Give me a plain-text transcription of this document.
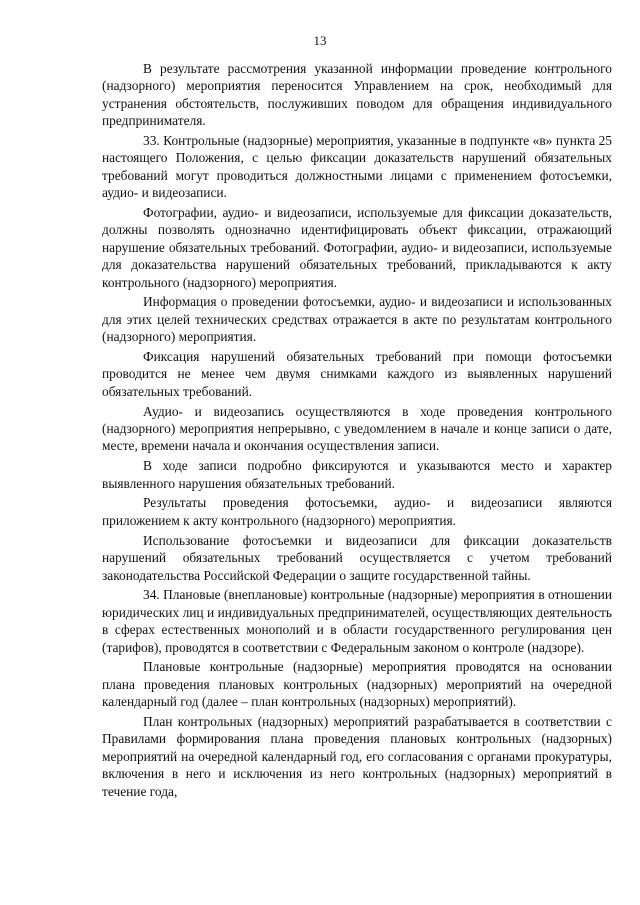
13

В результате рассмотрения указанной информации проведение контрольного (надзорного) мероприятия переносится Управлением на срок, необходимый для устранения обстоятельств, послуживших поводом для обращения индивидуального предпринимателя.

33. Контрольные (надзорные) мероприятия, указанные в подпункте «в» пункта 25 настоящего Положения, с целью фиксации доказательств нарушений обязательных требований могут проводиться должностными лицами с применением фотосъемки, аудио- и видеозаписи.

Фотографии, аудио- и видеозаписи, используемые для фиксации доказательств, должны позволять однозначно идентифицировать объект фиксации, отражающий нарушение обязательных требований. Фотографии, аудио- и видеозаписи, используемые для доказательства нарушений обязательных требований, прикладываются к акту контрольного (надзорного) мероприятия.

Информация о проведении фотосъемки, аудио- и видеозаписи и использованных для этих целей технических средствах отражается в акте по результатам контрольного (надзорного) мероприятия.

Фиксация нарушений обязательных требований при помощи фотосъемки проводится не менее чем двумя снимками каждого из выявленных нарушений обязательных требований.

Аудио- и видеозапись осуществляются в ходе проведения контрольного (надзорного) мероприятия непрерывно, с уведомлением в начале и конце записи о дате, месте, времени начала и окончания осуществления записи.

В ходе записи подробно фиксируются и указываются место и характер выявленного нарушения обязательных требований.

Результаты проведения фотосъемки, аудио- и видеозаписи являются приложением к акту контрольного (надзорного) мероприятия.

Использование фотосъемки и видеозаписи для фиксации доказательств нарушений обязательных требований осуществляется с учетом требований законодательства Российской Федерации о защите государственной тайны.

34. Плановые (внеплановые) контрольные (надзорные) мероприятия в отношении юридических лиц и индивидуальных предпринимателей, осуществляющих деятельность в сферах естественных монополий и в области государственного регулирования цен (тарифов), проводятся в соответствии с Федеральным законом о контроле (надзоре).

Плановые контрольные (надзорные) мероприятия проводятся на основании плана проведения плановых контрольных (надзорных) мероприятий на очередной календарный год (далее – план контрольных (надзорных) мероприятий).

План контрольных (надзорных) мероприятий разрабатывается в соответствии с Правилами формирования плана проведения плановых контрольных (надзорных) мероприятий на очередной календарный год, его согласования с органами прокуратуры, включения в него и исключения из него контрольных (надзорных) мероприятий в течение года,
